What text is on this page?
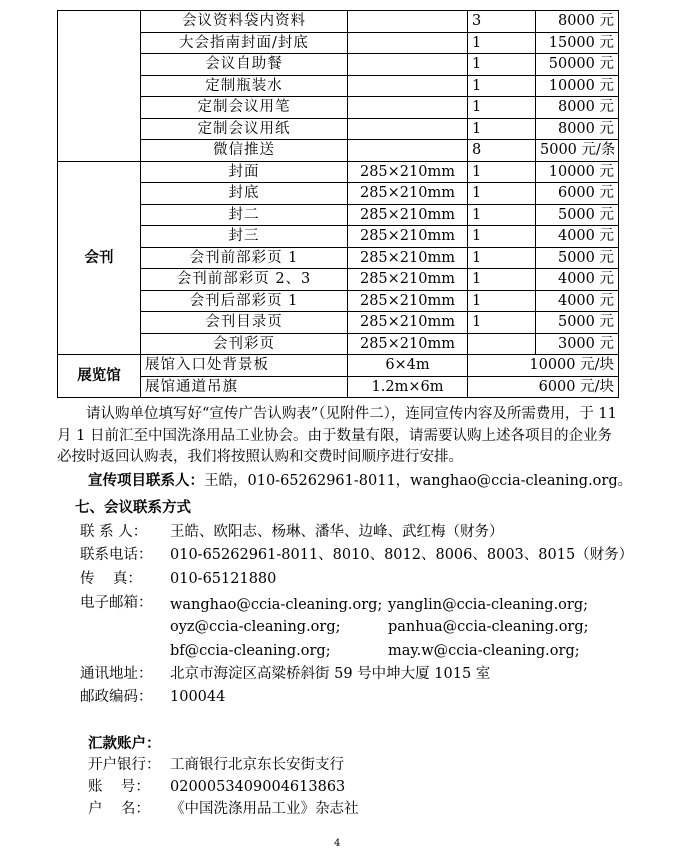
	会议资料袋内资料		3	8000 元
	大会指南封面/封底		1	15000 元
	会议自助餐		1	50000 元
	定制瓶装水		1	10000 元
	定制会议用笔		1	8000 元
	定制会议用纸		1	8000 元
	微信推送		8	5000 元/条
会刊	封面	285×210mm	1	10000 元
	封底	285×210mm	1	6000 元
	封二	285×210mm	1	5000 元
	封三	285×210mm	1	4000 元
	会刊前部彩页 1	285×210mm	1	5000 元
	会刊前部彩页 2、3	285×210mm	1	4000 元
	会刊后部彩页 1	285×210mm	1	4000 元
	会刊目录页	285×210mm	1	5000 元
	会刊彩页	285×210mm		3000 元
展览馆	展馆入口处背景板	6×4m	10000 元/块	
	展馆通道吊旗	1.2m×6m	6000 元/块	
请认购单位填写好“宣传广告认购表”（见附件二），连同宣传内容及所需费用，于 11 月 1 日前汇至中国洗涤用品工业协会。由于数量有限，请需要认购上述各项目的企业务必按时返回认购表，我们将按照认购和交费时间顺序进行安排。
宣传项目联系人：王皓，010-65262961-8011，wanghao@ccia-cleaning.org。
七、会议联系方式
联 系 人： 王皓、欧阳志、杨琳、潘华、边峰、武红梅（财务）
联系电话： 010-65262961-8011、8010、8012、8006、8003、8015（财务）
传    真： 010-65121880
电子邮箱： wanghao@ccia-cleaning.org; yanglin@ccia-cleaning.org;
oyz@ccia-cleaning.org;	panhua@ccia-cleaning.org;
bf@ccia-cleaning.org;	may.w@ccia-cleaning.org;
通讯地址： 北京市海淀区高粱桥斜街 59 号中坤大厦 1015 室
邮政编码： 100044
汇款账户：
开户银行： 工商银行北京东长安街支行
账    号： 0200053409004613863
户    名： 《中国洗涤用品工业》杂志社
4
